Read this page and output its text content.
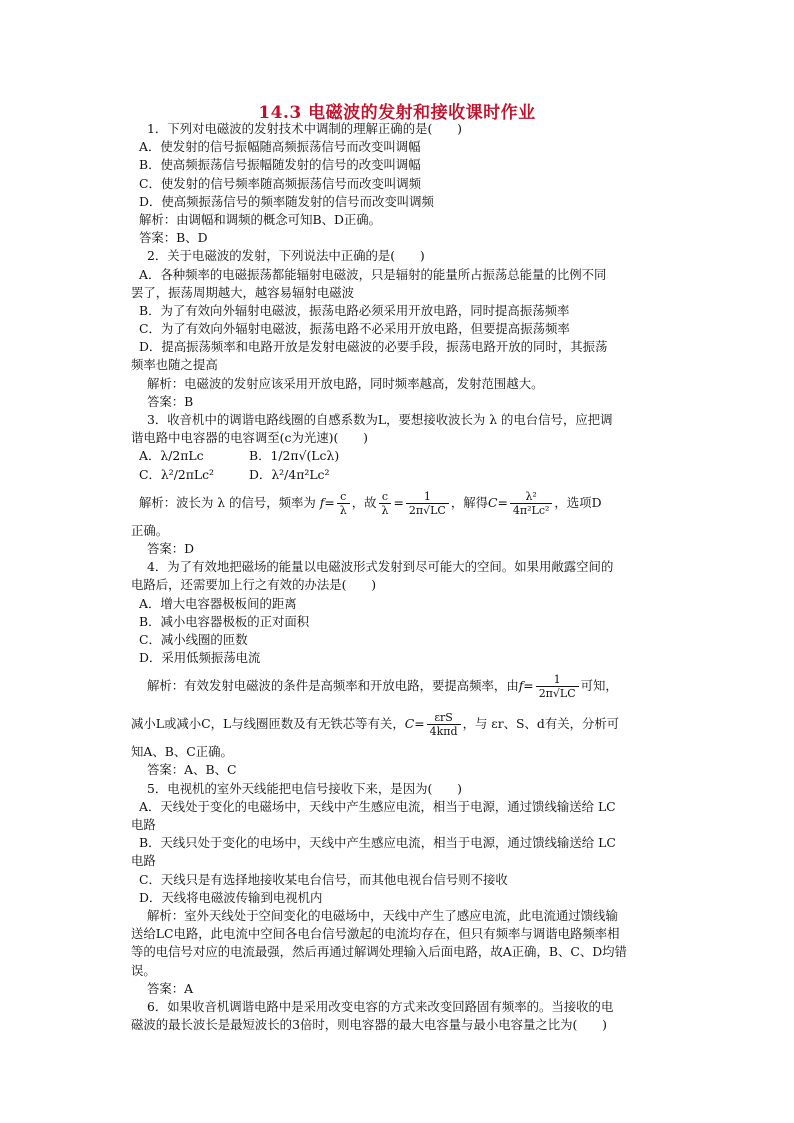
14.3 电磁波的发射和接收课时作业
1．下列对电磁波的发射技术中调制的理解正确的是(　　)
A．使发射的信号振幅随高频振荡信号而改变叫调幅
B．使高频振荡信号振幅随发射的信号的改变叫调幅
C．使发射的信号频率随高频振荡信号而改变叫调频
D．使高频振荡信号的频率随发射的信号而改变叫调频
解析：由调幅和调频的概念可知B、D正确。
答案：B、D
2．关于电磁波的发射，下列说法中正确的是(　　)
A．各种频率的电磁振荡都能辐射电磁波，只是辐射的能量所占振荡总能量的比例不同
罢了，振荡周期越大，越容易辐射电磁波
B．为了有效向外辐射电磁波，振荡电路必须采用开放电路，同时提高振荡频率
C．为了有效向外辐射电磁波，振荡电路不必采用开放电路，但要提高振荡频率
D．提高振荡频率和电路开放是发射电磁波的必要手段，振荡电路开放的同时，其振荡
频率也随之提高
解析：电磁波的发射应该采用开放电路，同时频率越高，发射范围越大。
答案：B
3．收音机中的调谐电路线圈的自感系数为L，要想接收波长为 λ 的电台信号，应把调
谐电路中电容器的电容调至(c为光速)(　　)
A．λ/2πLc	B．1/2π√(Lcλ)
C．λ²/2πLc²	D．λ²/4π²Lc²
解析：波长为 λ 的信号，频率为 $f= \frac{c}{\lambda}$ ，故 $\frac{c}{\lambda} = \frac{1}{2\pi√LC}$ ，解得$C= \frac{\text{λ²}}{\text{4π²Lc²}}$ ，选项D
正确。
答案：D
4．为了有效地把磁场的能量以电磁波形式发射到尽可能大的空间。如果用敞露空间的
电路后，还需要加上行之有效的办法是(　　)
A．增大电容器极板间的距离
B．减小电容器极板的正对面积
C．减小线圈的匝数
D．采用低频振荡电流
解析：有效发射电磁波的条件是高频率和开放电路，要提高频率，由$f= \frac{1}{2\pi√LC}$ 可知，
减小L或减小C，L与线圈匝数及有无铁芯等有关，$C= \frac{\text{εrS}}{\text{4kπd}}$ ，与 εr、S、d有关，分析可
知A、B、C正确。
答案：A、B、C
5．电视机的室外天线能把电信号接收下来，是因为(　　)
A．天线处于变化的电磁场中，天线中产生感应电流，相当于电源，通过馈线输送给 LC
电路
B．天线只处于变化的电场中，天线中产生感应电流，相当于电源，通过馈线输送给 LC
电路
C．天线只是有选择地接收某电台信号，而其他电视台信号则不接收
D．天线将电磁波传输到电视机内
解析：室外天线处于空间变化的电磁场中，天线中产生了感应电流，此电流通过馈线输
送给LC电路，此电流中空间各电台信号激起的电流均存在，但只有频率与调谐电路频率相
等的电信号对应的电流最强，然后再通过解调处理输入后面电路，故A正确，B、C、D均错
误。
答案：A
6．如果收音机调谐电路中是采用改变电容的方式来改变回路固有频率的。当接收的电
磁波的最长波长是最短波长的3倍时，则电容器的最大电容量与最小电容量之比为(　　)
